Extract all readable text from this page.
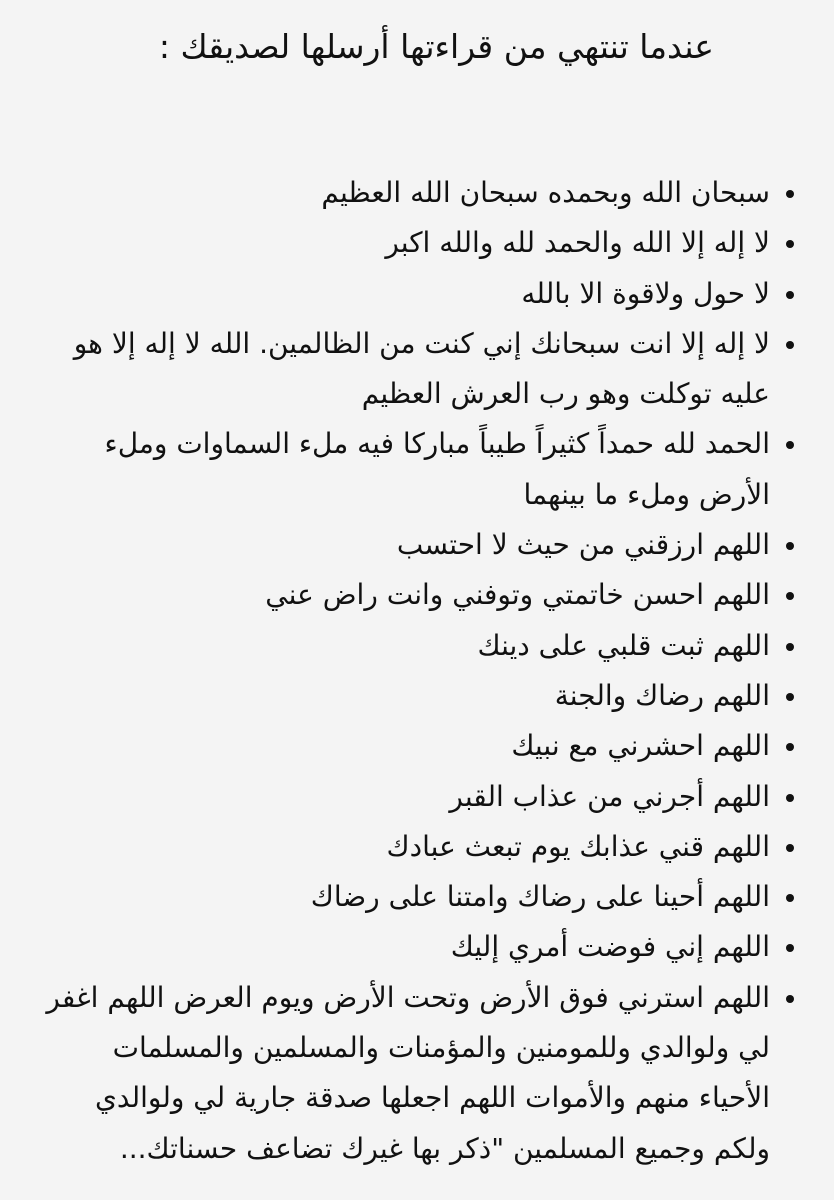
عندما تنتهي من قراءتها أرسلها لصديقك :
سبحان الله وبحمده سبحان الله العظيم
لا إله إلا الله والحمد لله والله اكبر
لا حول ولاقوة الا بالله
لا إله إلا انت سبحانك إني كنت من الظالمين. الله لا إله إلا هو عليه توكلت وهو رب العرش العظيم
الحمد لله حمداً كثيراً طيباً مباركا فيه ملء السماوات وملء الأرض وملء ما بينهما
اللهم ارزقني من حيث لا احتسب
اللهم احسن خاتمتي وتوفني وانت راض عني
اللهم ثبت قلبي على دينك
اللهم رضاك والجنة
اللهم احشرني مع نبيك
اللهم أجرني من عذاب القبر
اللهم قني عذابك يوم تبعث عبادك
اللهم أحينا على رضاك وامتنا على رضاك
اللهم إني فوضت أمري إليك
اللهم استرني فوق الأرض وتحت الأرض ويوم العرض اللهم اغفر لي ولوالدي وللمومنين والمؤمنات والمسلمين والمسلمات الأحياء منهم والأموات اللهم اجعلها صدقة جارية لي ولوالدي ولكم وجميع المسلمين "ذكر بها غيرك تضاعف حسناتك...
